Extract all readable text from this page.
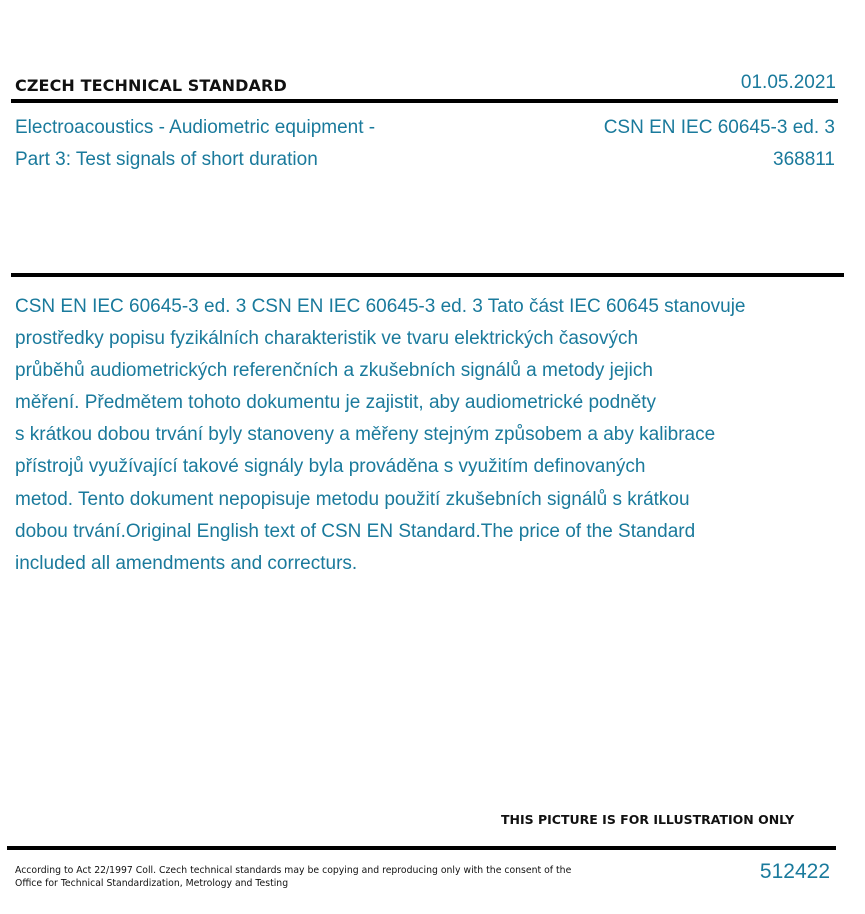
CZECH TECHNICAL STANDARD	01.05.2021
Electroacoustics - Audiometric equipment -
Part 3: Test signals of short duration
CSN EN IEC 60645-3 ed. 3
368811
CSN EN IEC 60645-3 ed. 3 CSN EN IEC 60645-3 ed. 3 Tato část IEC 60645 stanovuje
prostředky popisu fyzikálních charakteristik ve tvaru elektrických časových
průběhů audiometrických referenčních a zkušebních signálů a metody jejich
měření. Předmětem tohoto dokumentu je zajistit, aby audiometrické podněty
s krátkou dobou trvání byly stanoveny a měřeny stejným způsobem a aby kalibrace
přístrojů využívající takové signály byla prováděna s využitím definovaných
metod. Tento dokument nepopisuje metodu použití zkušebních signálů s krátkou
dobou trvání.Original English text of CSN EN Standard.The price of the Standard
included all amendments and correcturs.
THIS PICTURE IS FOR ILLUSTRATION ONLY
According to Act 22/1997 Coll. Czech technical standards may be copying and reproducing only with the consent of the Office for Technical Standardization, Metrology and Testing
512422
